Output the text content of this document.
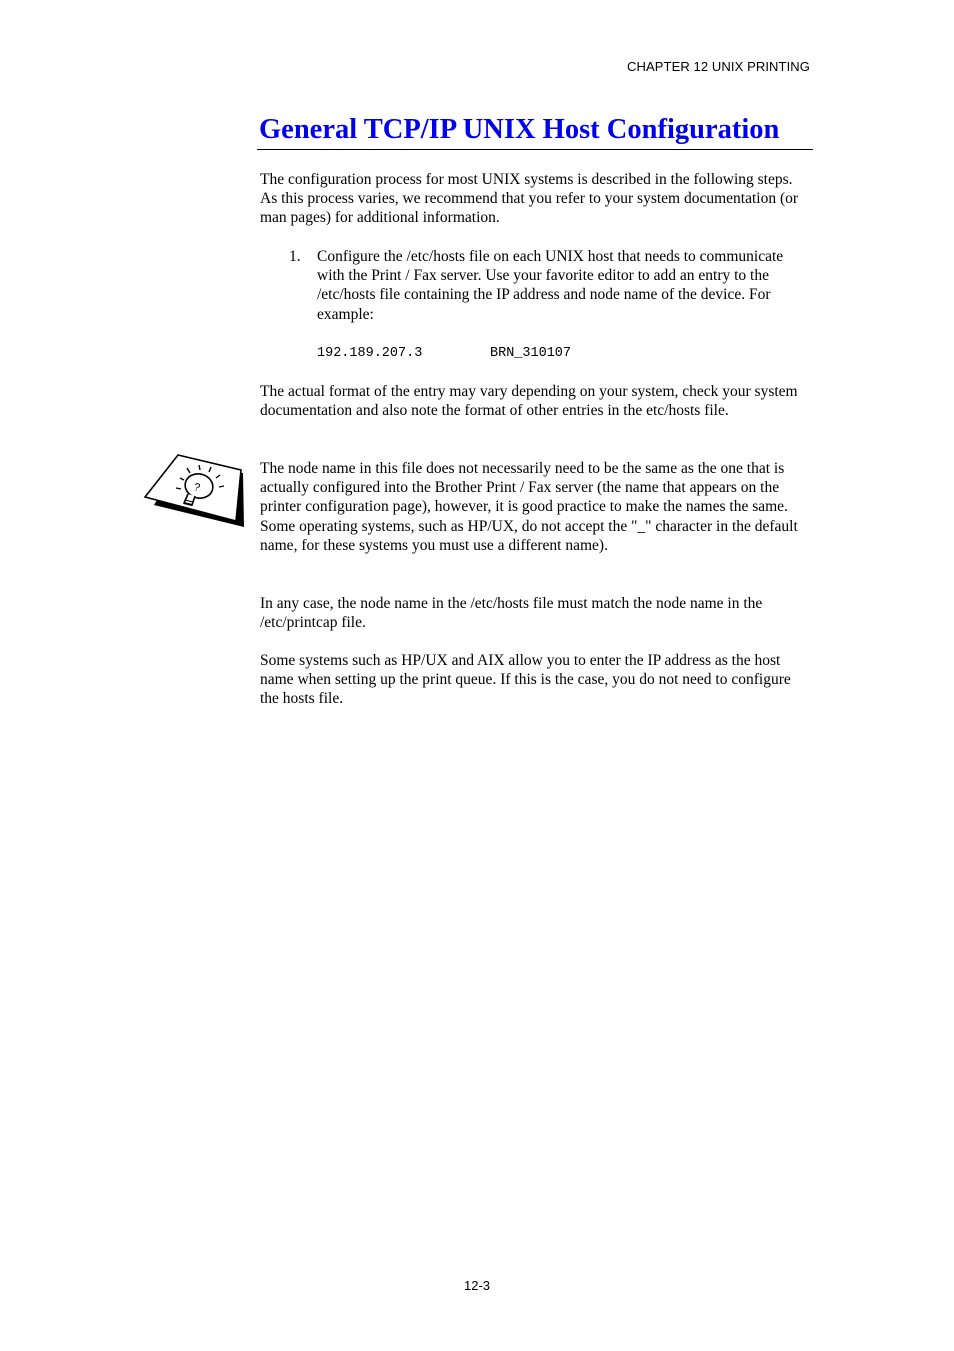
CHAPTER 12 UNIX PRINTING
General TCP/IP UNIX Host Configuration

The configuration process for most UNIX systems is described in the following steps. As this process varies, we recommend that you refer to your system documentation (or man pages) for additional information.

1. Configure the /etc/hosts file on each UNIX host that needs to communicate with the Print / Fax server. Use your favorite editor to add an entry to the /etc/hosts file containing the IP address and node name of the device. For example:

192.189.207.3	BRN_310107

The actual format of the entry may vary depending on your system, check your system documentation and also note the format of other entries in the etc/hosts file.

?

The node name in this file does not necessarily need to be the same as the one that is actually configured into the Brother Print / Fax server (the name that appears on the printer configuration page), however, it is good practice to make the names the same. Some operating systems, such as HP/UX, do not accept the "_" character in the default name, for these systems you must use a different name).

In any case, the node name in the /etc/hosts file must match the node name in the /etc/printcap file.

Some systems such as HP/UX and AIX allow you to enter the IP address as the host name when setting up the print queue. If this is the case, you do not need to configure the hosts file.

12-3
